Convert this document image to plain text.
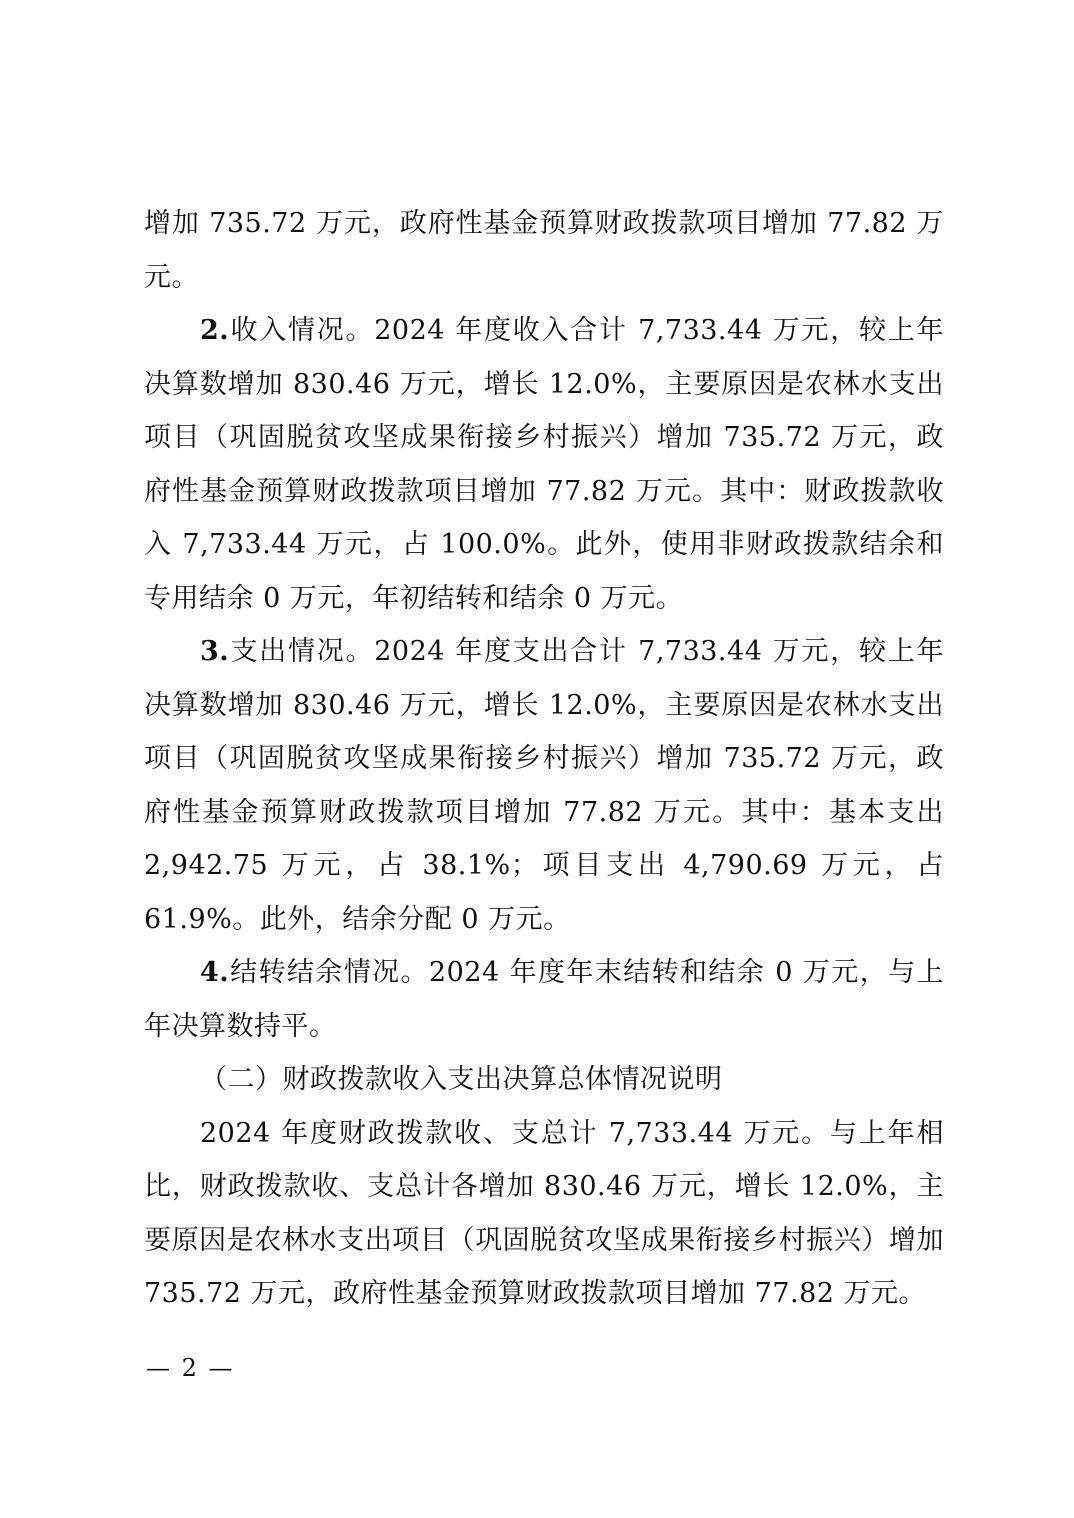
增加 735.72 万元，政府性基金预算财政拨款项目增加 77.82 万元。

2.收入情况。2024 年度收入合计 7,733.44 万元，较上年决算数增加 830.46 万元，增长 12.0%，主要原因是农林水支出项目（巩固脱贫攻坚成果衔接乡村振兴）增加 735.72 万元，政府性基金预算财政拨款项目增加 77.82 万元。其中：财政拨款收入 7,733.44 万元，占 100.0%。此外，使用非财政拨款结余和专用结余 0 万元，年初结转和结余 0 万元。

3.支出情况。2024 年度支出合计 7,733.44 万元，较上年决算数增加 830.46 万元，增长 12.0%，主要原因是农林水支出项目（巩固脱贫攻坚成果衔接乡村振兴）增加 735.72 万元，政府性基金预算财政拨款项目增加 77.82 万元。其中：基本支出 2,942.75 万元，占 38.1%；项目支出 4,790.69 万元，占 61.9%。此外，结余分配 0 万元。

4.结转结余情况。2024 年度年末结转和结余 0 万元，与上年决算数持平。

（二）财政拨款收入支出决算总体情况说明

2024 年度财政拨款收、支总计 7,733.44 万元。与上年相比，财政拨款收、支总计各增加 830.46 万元，增长 12.0%，主要原因是农林水支出项目（巩固脱贫攻坚成果衔接乡村振兴）增加 735.72 万元，政府性基金预算财政拨款项目增加 77.82 万元。

— 2 —
